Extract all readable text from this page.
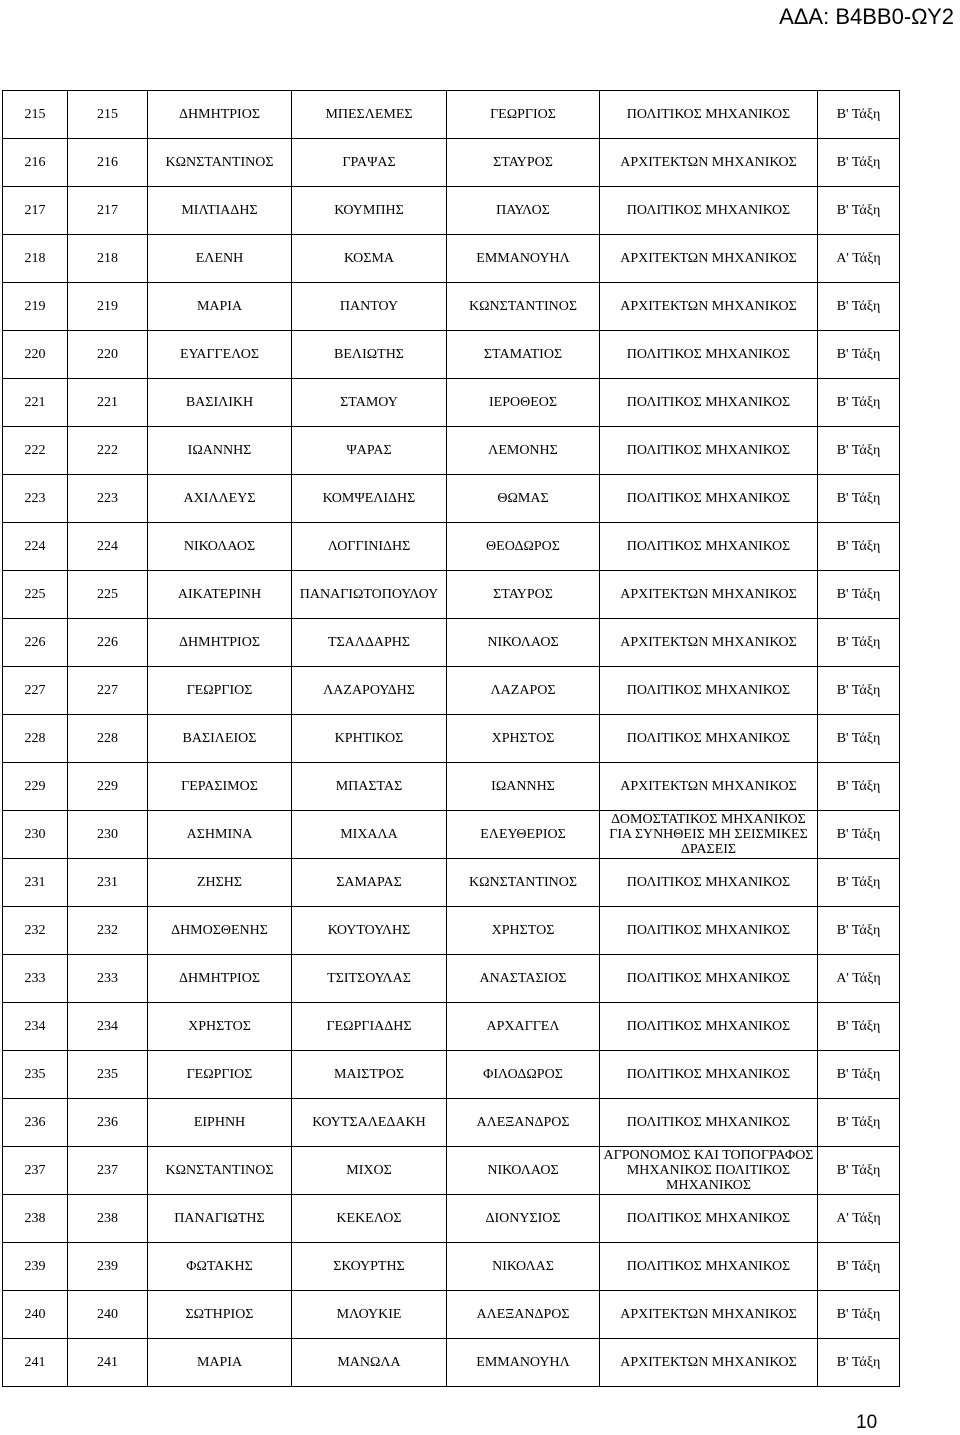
ΑΔΑ: Β4ΒΒ0-ΩΥ2
215	215	ΔΗΜΗΤΡΙΟΣ	ΜΠΕΣΛΕΜΕΣ	ΓΕΩΡΓΙΟΣ	ΠΟΛΙΤΙΚΟΣ ΜΗΧΑΝΙΚΟΣ	Β' Τάξη
216	216	ΚΩΝΣΤΑΝΤΙΝΟΣ	ΓΡΑΨΑΣ	ΣΤΑΥΡΟΣ	ΑΡΧΙΤΕΚΤΩΝ ΜΗΧΑΝΙΚΟΣ	Β' Τάξη
217	217	ΜΙΛΤΙΑΔΗΣ	ΚΟΥΜΠΗΣ	ΠΑΥΛΟΣ	ΠΟΛΙΤΙΚΟΣ ΜΗΧΑΝΙΚΟΣ	Β' Τάξη
218	218	ΕΛΕΝΗ	ΚΟΣΜΑ	ΕΜΜΑΝΟΥΗΛ	ΑΡΧΙΤΕΚΤΩΝ ΜΗΧΑΝΙΚΟΣ	Α' Τάξη
219	219	ΜΑΡΙΑ	ΠΑΝΤΟΥ	ΚΩΝΣΤΑΝΤΙΝΟΣ	ΑΡΧΙΤΕΚΤΩΝ ΜΗΧΑΝΙΚΟΣ	Β' Τάξη
220	220	ΕΥΑΓΓΕΛΟΣ	ΒΕΛΙΩΤΗΣ	ΣΤΑΜΑΤΙΟΣ	ΠΟΛΙΤΙΚΟΣ ΜΗΧΑΝΙΚΟΣ	Β' Τάξη
221	221	ΒΑΣΙΛΙΚΗ	ΣΤΑΜΟΥ	ΙΕΡΟΘΕΟΣ	ΠΟΛΙΤΙΚΟΣ ΜΗΧΑΝΙΚΟΣ	Β' Τάξη
222	222	ΙΩΑΝΝΗΣ	ΨΑΡΑΣ	ΛΕΜΟΝΗΣ	ΠΟΛΙΤΙΚΟΣ ΜΗΧΑΝΙΚΟΣ	Β' Τάξη
223	223	ΑΧΙΛΛΕΥΣ	ΚΟΜΨΕΛΙΔΗΣ	ΘΩΜΑΣ	ΠΟΛΙΤΙΚΟΣ ΜΗΧΑΝΙΚΟΣ	Β' Τάξη
224	224	ΝΙΚΟΛΑΟΣ	ΛΟΓΓΙΝΙΔΗΣ	ΘΕΟΔΩΡΟΣ	ΠΟΛΙΤΙΚΟΣ ΜΗΧΑΝΙΚΟΣ	Β' Τάξη
225	225	ΑΙΚΑΤΕΡΙΝΗ	ΠΑΝΑΓΙΩΤΟΠΟΥΛΟΥ	ΣΤΑΥΡΟΣ	ΑΡΧΙΤΕΚΤΩΝ ΜΗΧΑΝΙΚΟΣ	Β' Τάξη
226	226	ΔΗΜΗΤΡΙΟΣ	ΤΣΑΛΔΑΡΗΣ	ΝΙΚΟΛΑΟΣ	ΑΡΧΙΤΕΚΤΩΝ ΜΗΧΑΝΙΚΟΣ	Β' Τάξη
227	227	ΓΕΩΡΓΙΟΣ	ΛΑΖΑΡΟΥΔΗΣ	ΛΑΖΑΡΟΣ	ΠΟΛΙΤΙΚΟΣ ΜΗΧΑΝΙΚΟΣ	Β' Τάξη
228	228	ΒΑΣΙΛΕΙΟΣ	ΚΡΗΤΙΚΟΣ	ΧΡΗΣΤΟΣ	ΠΟΛΙΤΙΚΟΣ ΜΗΧΑΝΙΚΟΣ	Β' Τάξη
229	229	ΓΕΡΑΣΙΜΟΣ	ΜΠΑΣΤΑΣ	ΙΩΑΝΝΗΣ	ΑΡΧΙΤΕΚΤΩΝ ΜΗΧΑΝΙΚΟΣ	Β' Τάξη
230	230	ΑΣΗΜΙΝΑ	ΜΙΧΑΛΑ	ΕΛΕΥΘΕΡΙΟΣ	ΔΟΜΟΣΤΑΤΙΚΟΣ ΜΗΧΑΝΙΚΟΣ ΓΙΑ ΣΥΝΗΘΕΙΣ ΜΗ ΣΕΙΣΜΙΚΕΣ ΔΡΑΣΕΙΣ	Β' Τάξη
231	231	ΖΗΣΗΣ	ΣΑΜΑΡΑΣ	ΚΩΝΣΤΑΝΤΙΝΟΣ	ΠΟΛΙΤΙΚΟΣ ΜΗΧΑΝΙΚΟΣ	Β' Τάξη
232	232	ΔΗΜΟΣΘΕΝΗΣ	ΚΟΥΤΟΥΛΗΣ	ΧΡΗΣΤΟΣ	ΠΟΛΙΤΙΚΟΣ ΜΗΧΑΝΙΚΟΣ	Β' Τάξη
233	233	ΔΗΜΗΤΡΙΟΣ	ΤΣΙΤΣΟΥΛΑΣ	ΑΝΑΣΤΑΣΙΟΣ	ΠΟΛΙΤΙΚΟΣ ΜΗΧΑΝΙΚΟΣ	Α' Τάξη
234	234	ΧΡΗΣΤΟΣ	ΓΕΩΡΓΙΑΔΗΣ	ΑΡΧΑΓΓΕΛ	ΠΟΛΙΤΙΚΟΣ ΜΗΧΑΝΙΚΟΣ	Β' Τάξη
235	235	ΓΕΩΡΓΙΟΣ	ΜΑΙΣΤΡΟΣ	ΦΙΛΟΔΩΡΟΣ	ΠΟΛΙΤΙΚΟΣ ΜΗΧΑΝΙΚΟΣ	Β' Τάξη
236	236	ΕΙΡΗΝΗ	ΚΟΥΤΣΑΛΕΔΑΚΗ	ΑΛΕΞΑΝΔΡΟΣ	ΠΟΛΙΤΙΚΟΣ ΜΗΧΑΝΙΚΟΣ	Β' Τάξη
237	237	ΚΩΝΣΤΑΝΤΙΝΟΣ	ΜΙΧΟΣ	ΝΙΚΟΛΑΟΣ	ΑΓΡΟΝΟΜΟΣ ΚΑΙ ΤΟΠΟΓΡΑΦΟΣ ΜΗΧΑΝΙΚΟΣ ΠΟΛΙΤΙΚΟΣ ΜΗΧΑΝΙΚΟΣ	Β' Τάξη
238	238	ΠΑΝΑΓΙΩΤΗΣ	ΚΕΚΕΛΟΣ	ΔΙΟΝΥΣΙΟΣ	ΠΟΛΙΤΙΚΟΣ ΜΗΧΑΝΙΚΟΣ	Α' Τάξη
239	239	ΦΩΤΑΚΗΣ	ΣΚΟΥΡΤΗΣ	ΝΙΚΟΛΑΣ	ΠΟΛΙΤΙΚΟΣ ΜΗΧΑΝΙΚΟΣ	Β' Τάξη
240	240	ΣΩΤΗΡΙΟΣ	ΜΛΟΥΚΙΕ	ΑΛΕΞΑΝΔΡΟΣ	ΑΡΧΙΤΕΚΤΩΝ ΜΗΧΑΝΙΚΟΣ	Β' Τάξη
241	241	ΜΑΡΙΑ	ΜΑΝΩΛΑ	ΕΜΜΑΝΟΥΗΛ	ΑΡΧΙΤΕΚΤΩΝ ΜΗΧΑΝΙΚΟΣ	Β' Τάξη
10
